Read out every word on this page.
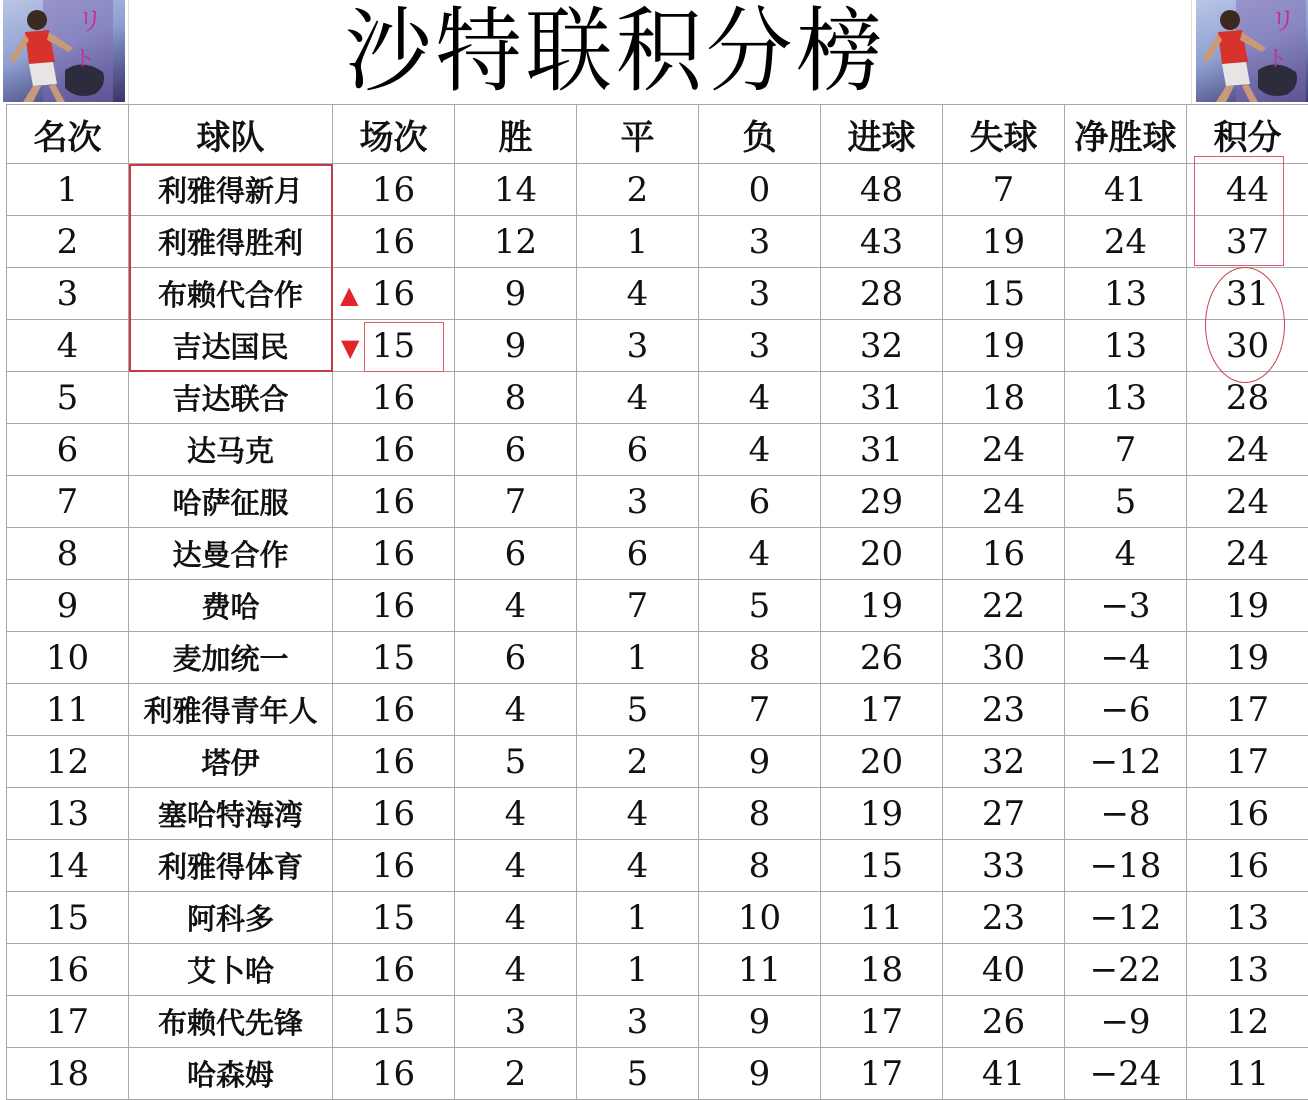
リ
ト
リ
ト
沙特联积分榜
名次	球队	场次	胜	平	负	进球	失球	净胜球	积分
1	利雅得新月	16	14	2	0	48	7	41	44
2	利雅得胜利	16	12	1	3	43	19	24	37
3	布赖代合作	16	9	4	3	28	15	13	31
4	吉达国民	15	9	3	3	32	19	13	30
5	吉达联合	16	8	4	4	31	18	13	28
6	达马克	16	6	6	4	31	24	7	24
7	哈萨征服	16	7	3	6	29	24	5	24
8	达曼合作	16	6	6	4	20	16	4	24
9	费哈	16	4	7	5	19	22	−3	19
10	麦加统一	15	6	1	8	26	30	−4	19
11	利雅得青年人	16	4	5	7	17	23	−6	17
12	塔伊	16	5	2	9	20	32	−12	17
13	塞哈特海湾	16	4	4	8	19	27	−8	16
14	利雅得体育	16	4	4	8	15	33	−18	16
15	阿科多	15	4	1	10	11	23	−12	13
16	艾卜哈	16	4	1	11	18	40	−22	13
17	布赖代先锋	15	3	3	9	17	26	−9	12
18	哈森姆	16	2	5	9	17	41	−24	11
▲
▼
